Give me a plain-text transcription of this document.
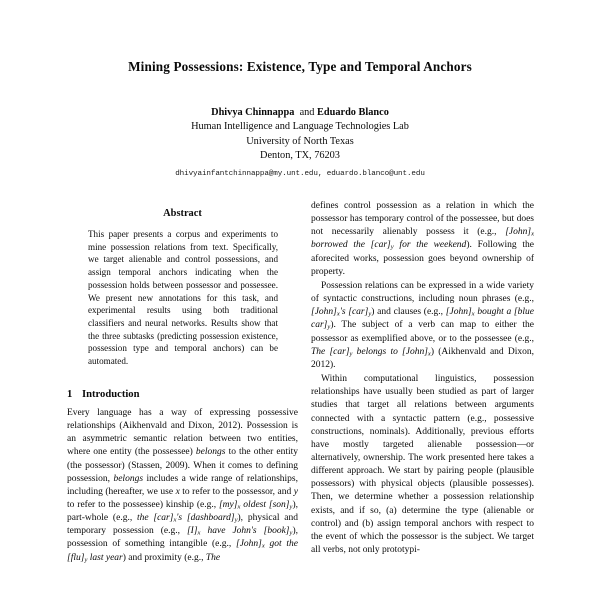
Mining Possessions: Existence, Type and Temporal Anchors
Dhivya Chinnappa and Eduardo Blanco
Human Intelligence and Language Technologies Lab
University of North Texas
Denton, TX, 76203
dhivyainfantchinnappa@my.unt.edu, eduardo.blanco@unt.edu
Abstract

This paper presents a corpus and experiments to mine possession relations from text. Specifically, we target alienable and control possessions, and assign temporal anchors indicating when the possession holds between possessor and possessee. We present new annotations for this task, and experimental results using both traditional classifiers and neural networks. Results show that the three subtasks (predicting possession existence, possession type and temporal anchors) can be automated.

1 Introduction

Every language has a way of expressing possessive relationships (Aikhenvald and Dixon, 2012). Possession is an asymmetric semantic relation between two entities, where one entity (the possessee) belongs to the other entity (the possessor) (Stassen, 2009). When it comes to defining possession, belongs includes a wide range of relationships, including (hereafter, we use x to refer to the possessor, and y to refer to the possessee) kinship (e.g., $[my]_x$ oldest $[son]_y$), part-whole (e.g., the $[car]_x's$ $[dashboard]_y$), physical and temporary possession (e.g., $[I]_x$ have John's $[book]_y$), possession of something intangible (e.g., $[John]_x$ got the $[flu]_y$ last year) and proximity (e.g., The

defines control possession as a relation in which the possessor has temporary control of the possessee, but does not necessarily alienably possess it (e.g., $[John]_x$ borrowed the $[car]_y$ for the weekend). Following the aforecited works, possession goes beyond ownership of property.

Possession relations can be expressed in a wide variety of syntactic constructions, including noun phrases (e.g., $[John]_x's$ $[car]_y$) and clauses (e.g., $[John]_x$ bought a [blue $car]_y$). The subject of a verb can map to either the possessor as exemplified above, or to the possessee (e.g., The $[car]_y$ belongs to $[John]_x$) (Aikhenvald and Dixon, 2012).

Within computational linguistics, possession relationships have usually been studied as part of larger studies that target all relations between arguments connected with a syntactic pattern (e.g., possessive constructions, nominals). Additionally, previous efforts have mostly targeted alienable possession—or alternatively, ownership. The work presented here takes a different approach. We start by pairing people (plausible possessors) with physical objects (plausible possesses). Then, we determine whether a possession relationship exists, and if so, (a) determine the type (alienable or control) and (b) assign temporal anchors with respect to the event of which the possessor is the subject. We target all verbs, not only prototypi-
